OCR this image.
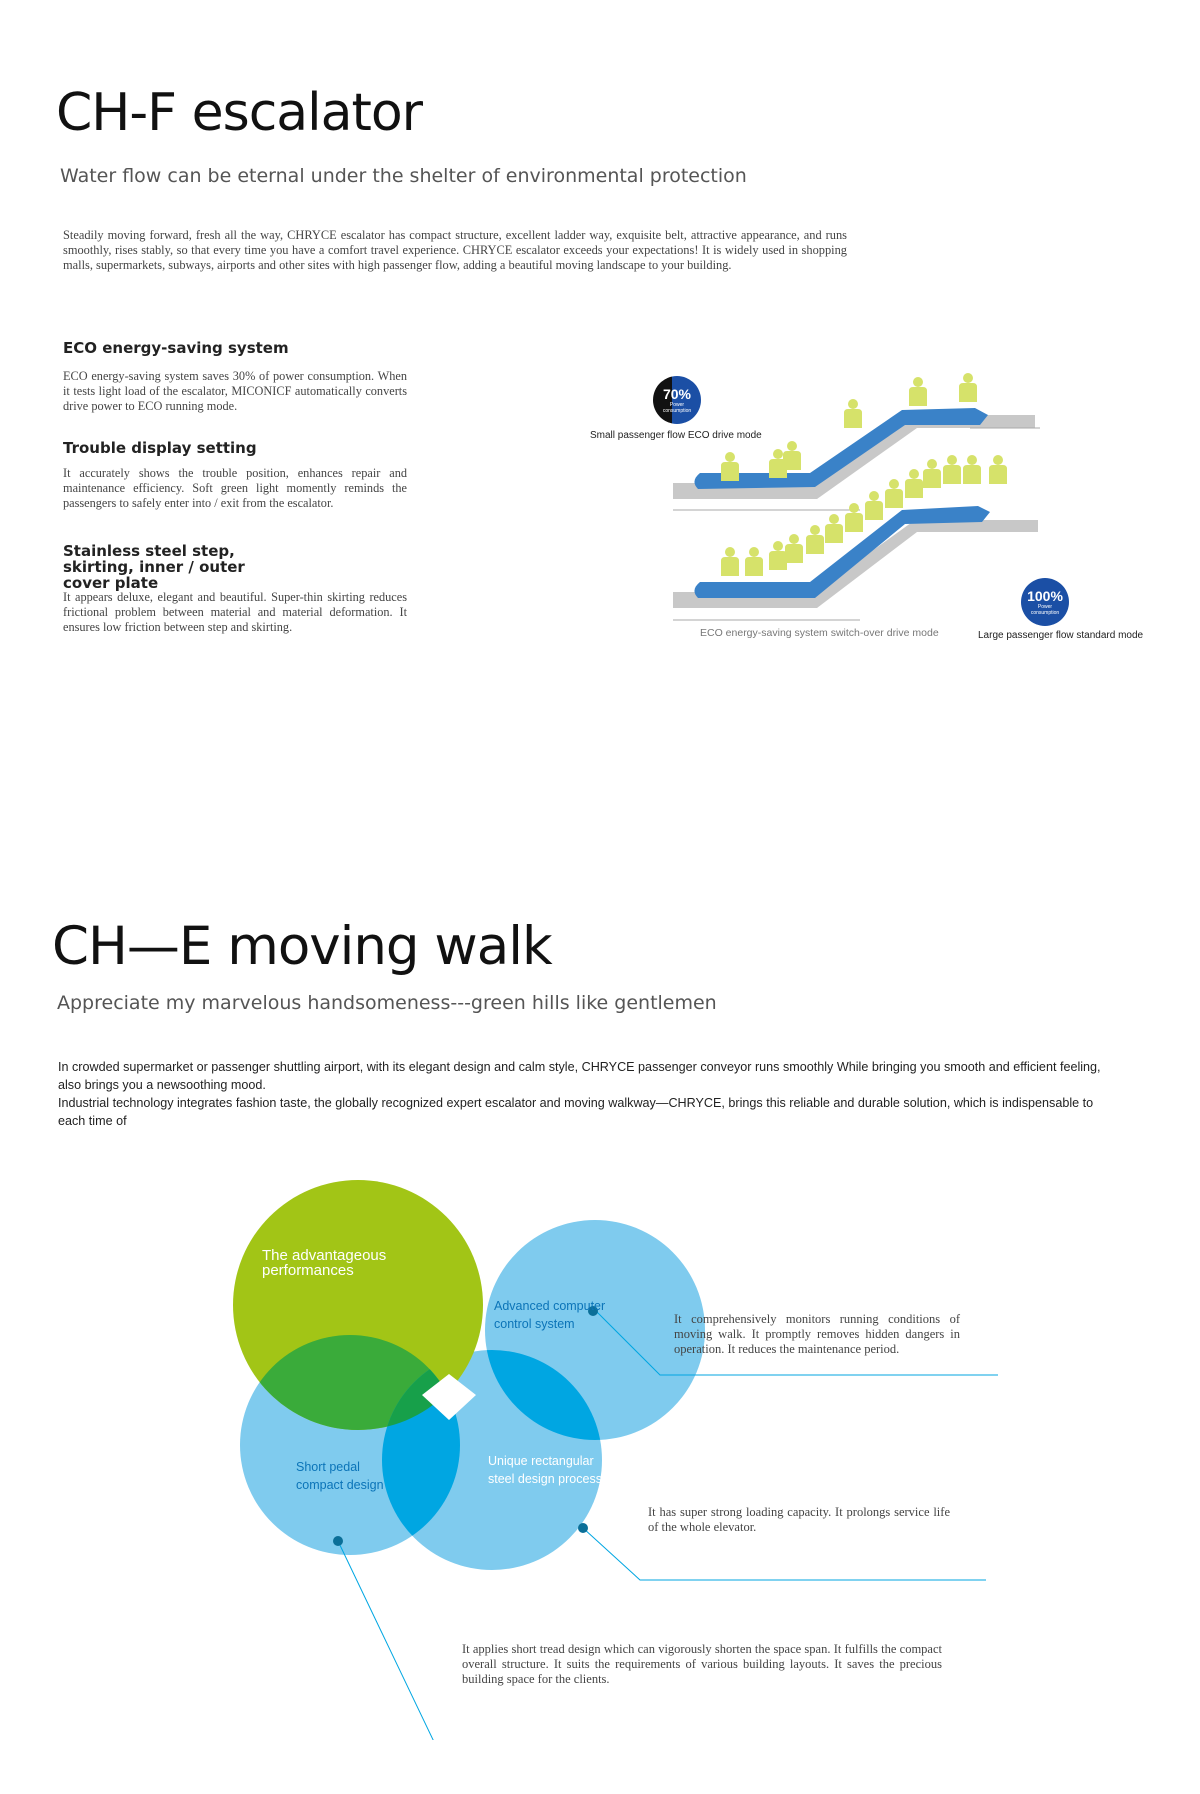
CH-F escalator
Water flow can be eternal under the shelter of environmental protection
Steadily moving forward, fresh all the way, CHRYCE escalator has compact structure, excellent ladder way, exquisite belt, attractive appearance, and runs smoothly, rises stably, so that every time you have a comfort travel experience. CHRYCE escalator exceeds your expectations! It is widely used in shopping malls, supermarkets, subways, airports and other sites with high passenger flow, adding a beautiful moving landscape to your building.
ECO energy-saving system
ECO energy-saving system saves 30% of power consumption. When it tests light load of the escalator, MICONICF automatically converts drive power to ECO running mode.
Trouble display setting
It accurately shows the trouble position, enhances repair and maintenance efficiency. Soft green light momently reminds the passengers to safely enter into / exit from the escalator.
Stainless steel step, skirting, inner / outer cover plate
It appears deluxe, elegant and beautiful. Super-thin skirting reduces frictional problem between material and material deformation. It ensures low friction between step and skirting.
70%
Power consumption
Small passenger flow ECO drive mode
100%
Power consumption
ECO energy-saving system switch-over drive mode	Large passenger flow standard mode
CH—E moving walk
Appreciate my marvelous handsomeness---green hills like gentlemen
In crowded supermarket or passenger shuttling airport, with its elegant design and calm style, CHRYCE passenger conveyor runs smoothly While bringing you smooth and efficient feeling, also brings you a newsoothing mood.
Industrial technology integrates fashion taste, the globally recognized expert escalator and moving walkway—CHRYCE, brings this reliable and durable solution, which is indispensable to each time of
The advantageous performances
Advanced computer control system
Short pedal compact design
Unique rectangular steel design process
It comprehensively monitors running conditions of moving walk. It promptly removes hidden dangers in operation. It reduces the maintenance period.
It has super strong loading capacity. It prolongs service life of the whole elevator.
It applies short tread design which can vigorously shorten the space span. It fulfills the compact overall structure. It suits the requirements of various building layouts. It saves the precious building space for the clients.
